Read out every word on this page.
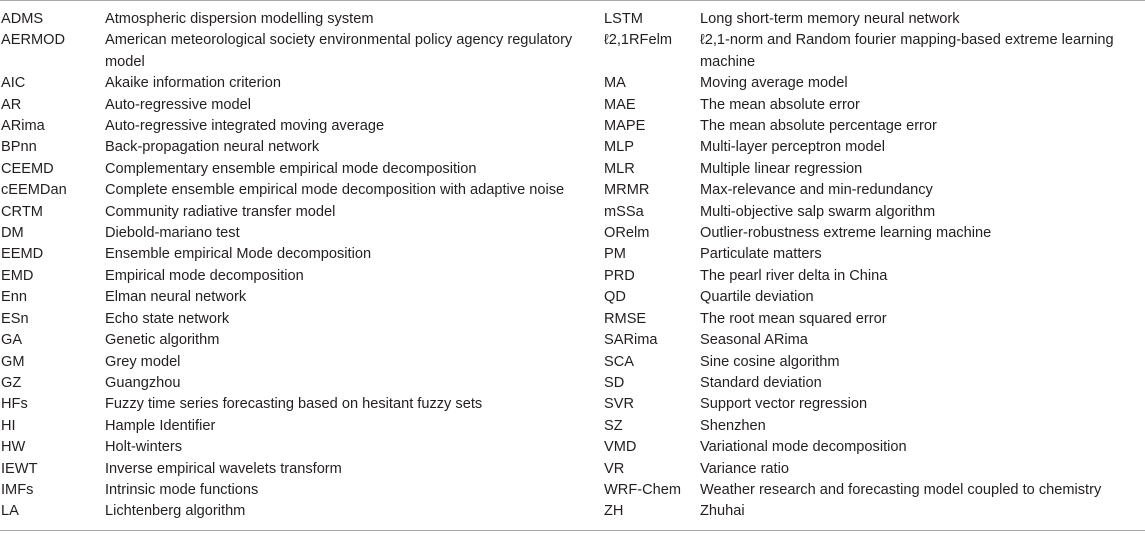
ADMS	Atmospheric dispersion modelling system	LSTM	Long short-term memory neural network
AERMOD	American meteorological society environmental policy agency regulatory model	ℓ2,1RFelm	ℓ2,1-norm and Random fourier mapping-based extreme learning machine
AIC	Akaike information criterion	MA	Moving average model
AR	Auto-regressive model	MAE	The mean absolute error
ARima	Auto-regressive integrated moving average	MAPE	The mean absolute percentage error
BPnn	Back-propagation neural network	MLP	Multi-layer perceptron model
CEEMD	Complementary ensemble empirical mode decomposition	MLR	Multiple linear regression
cEEMDan	Complete ensemble empirical mode decomposition with adaptive noise	MRMR	Max-relevance and min-redundancy
CRTM	Community radiative transfer model	mSSa	Multi-objective salp swarm algorithm
DM	Diebold-mariano test	ORelm	Outlier-robustness extreme learning machine
EEMD	Ensemble empirical Mode decomposition	PM	Particulate matters
EMD	Empirical mode decomposition	PRD	The pearl river delta in China
Enn	Elman neural network	QD	Quartile deviation
ESn	Echo state network	RMSE	The root mean squared error
GA	Genetic algorithm	SARima	Seasonal ARima
GM	Grey model	SCA	Sine cosine algorithm
GZ	Guangzhou	SD	Standard deviation
HFs	Fuzzy time series forecasting based on hesitant fuzzy sets	SVR	Support vector regression
HI	Hample Identifier	SZ	Shenzhen
HW	Holt-winters	VMD	Variational mode decomposition
IEWT	Inverse empirical wavelets transform	VR	Variance ratio
IMFs	Intrinsic mode functions	WRF-Chem	Weather research and forecasting model coupled to chemistry
LA	Lichtenberg algorithm	ZH	Zhuhai
